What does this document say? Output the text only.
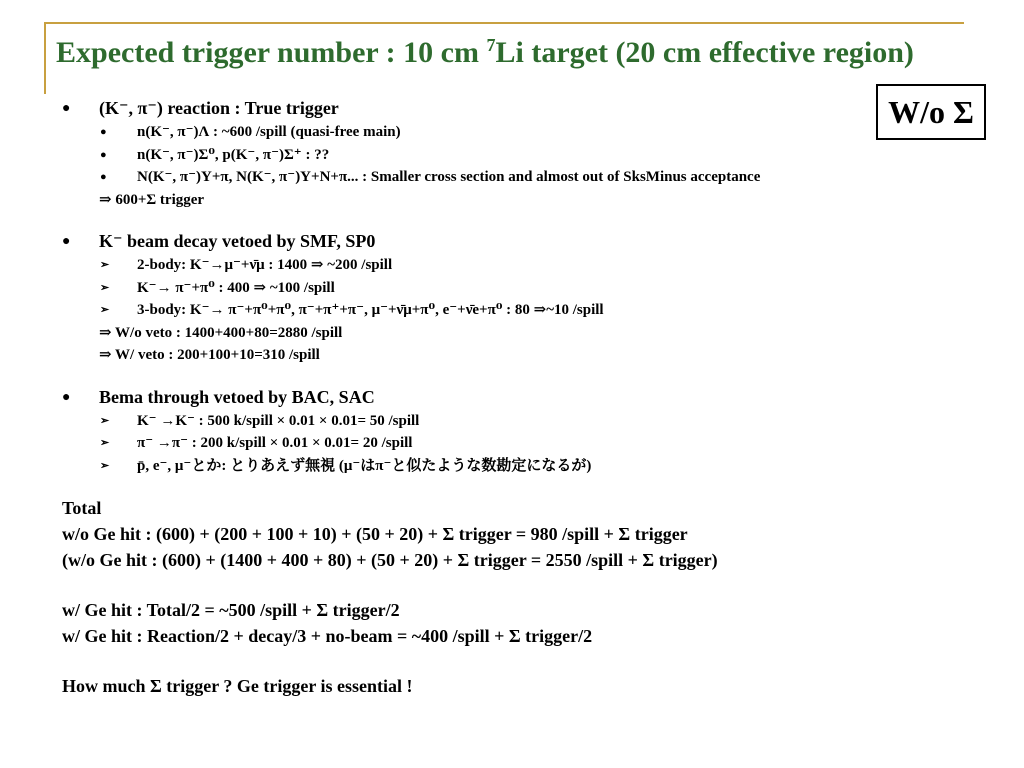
Expected trigger number : 10 cm $^7$Li target (20 cm effective region)
W/o Σ
● (K⁻, π⁻) reaction : True trigger
● n(K⁻, π⁻)Λ : ~600 /spill (quasi-free main)
● n(K⁻, π⁻)Σ⁰, p(K⁻, π⁻)Σ⁺ : ??
● N(K⁻, π⁻)Y+π, N(K⁻, π⁻)Y+N+π... : Smaller cross section and almost out of SksMinus acceptance
⇒ 600+Σ trigger
● K⁻ beam decay vetoed by SMF, SP0
➢ 2-body: K⁻→μ⁻+ν̄μ : 1400 ⇒ ~200 /spill
➢ K⁻→ π⁻+π⁰ : 400 ⇒ ~100 /spill
➢ 3-body: K⁻→ π⁻+π⁰+π⁰, π⁻+π⁺+π⁻, μ⁻+ν̄μ+π⁰, e⁻+ν̄e+π⁰ : 80 ⇒~10 /spill
⇒ W/o veto : 1400+400+80=2880 /spill
⇒ W/ veto : 200+100+10=310 /spill
● Bema through vetoed by BAC, SAC
➢ K⁻ →K⁻ : 500 k/spill × 0.01 × 0.01= 50 /spill
➢ π⁻ →π⁻ : 200 k/spill × 0.01 × 0.01= 20 /spill
➢ p̄, e⁻, μ⁻とか: とりあえず無視 (μ⁻はπ⁻と似たような数勘定になるが)
Total
w/o Ge hit : (600) + (200 + 100 + 10) + (50 + 20) + Σ trigger = 980 /spill + Σ trigger
(w/o Ge hit : (600) + (1400 + 400 + 80) + (50 + 20) + Σ trigger = 2550 /spill + Σ trigger)
w/ Ge hit : Total/2 = ~500 /spill + Σ trigger/2
w/ Ge hit : Reaction/2 + decay/3 + no-beam = ~400 /spill + Σ trigger/2
How much Σ trigger ? Ge trigger is essential !
